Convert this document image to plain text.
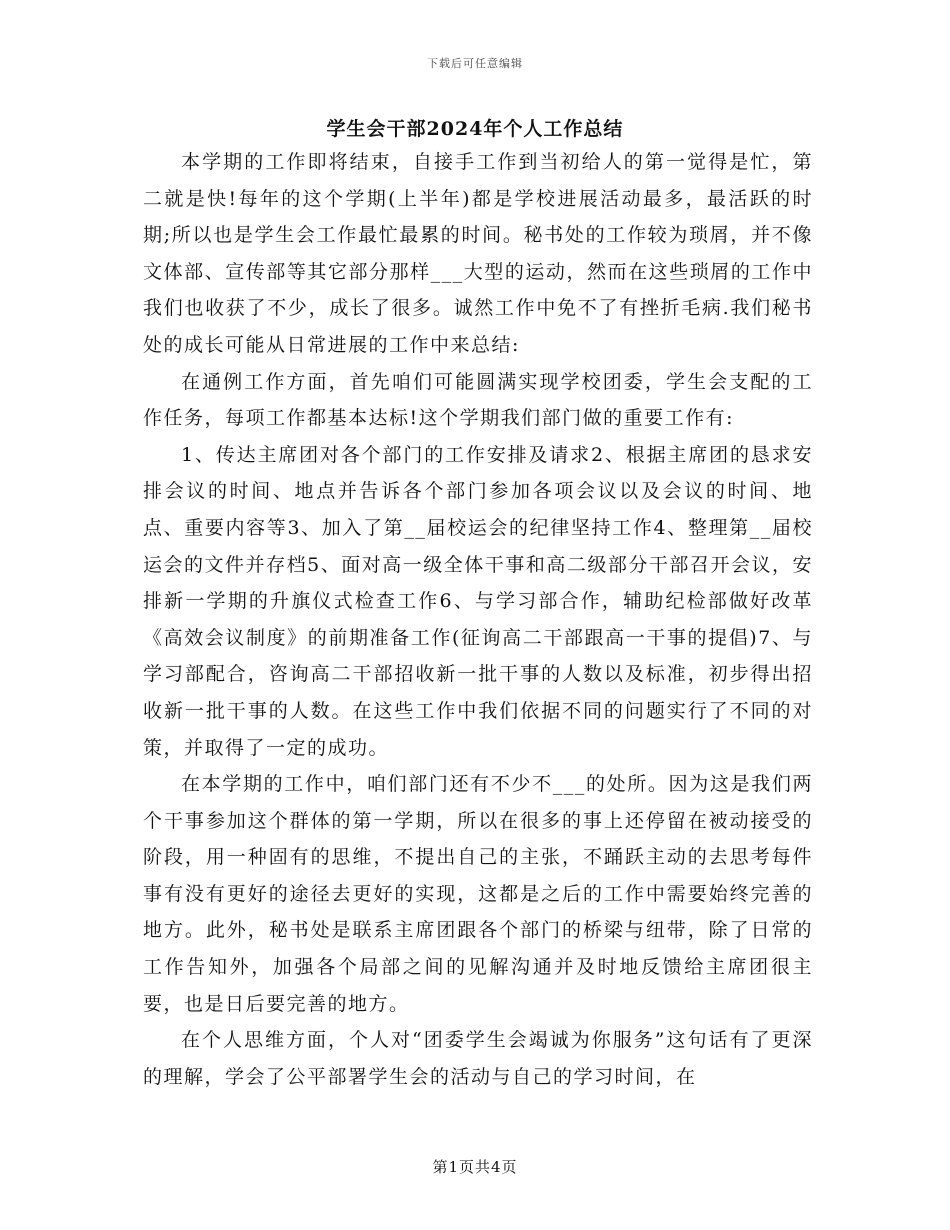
下载后可任意编辑
学生会干部2024年个人工作总结

本学期的工作即将结束，自接手工作到当初给人的第一觉得是忙，第二就是快!每年的这个学期(上半年)都是学校进展活动最多，最活跃的时期;所以也是学生会工作最忙最累的时间。秘书处的工作较为琐屑，并不像文体部、宣传部等其它部分那样___大型的运动，然而在这些琐屑的工作中我们也收获了不少，成长了很多。诚然工作中免不了有挫折毛病.我们秘书处的成长可能从日常进展的工作中来总结:

在通例工作方面，首先咱们可能圆满实现学校团委，学生会支配的工作任务，每项工作都基本达标!这个学期我们部门做的重要工作有:

1、传达主席团对各个部门的工作安排及请求2、根据主席团的恳求安排会议的时间、地点并告诉各个部门参加各项会议以及会议的时间、地点、重要内容等3、加入了第__届校运会的纪律坚持工作4、整理第__届校运会的文件并存档5、面对高一级全体干事和高二级部分干部召开会议，安排新一学期的升旗仪式检查工作6、与学习部合作，辅助纪检部做好改革《高效会议制度》的前期准备工作(征询高二干部跟高一干事的提倡)7、与学习部配合，咨询高二干部招收新一批干事的人数以及标准，初步得出招收新一批干事的人数。在这些工作中我们依据不同的问题实行了不同的对策，并取得了一定的成功。

在本学期的工作中，咱们部门还有不少不___的处所。因为这是我们两个干事参加这个群体的第一学期，所以在很多的事上还停留在被动接受的阶段，用一种固有的思维，不提出自己的主张，不踊跃主动的去思考每件事有没有更好的途径去更好的实现，这都是之后的工作中需要始终完善的地方。此外，秘书处是联系主席团跟各个部门的桥梁与纽带，除了日常的工作告知外，加强各个局部之间的见解沟通并及时地反馈给主席团很主要，也是日后要完善的地方。

在个人思维方面，个人对“团委学生会竭诚为你服务”这句话有了更深的理解，学会了公平部署学生会的活动与自己的学习时间，在

第1页共4页
